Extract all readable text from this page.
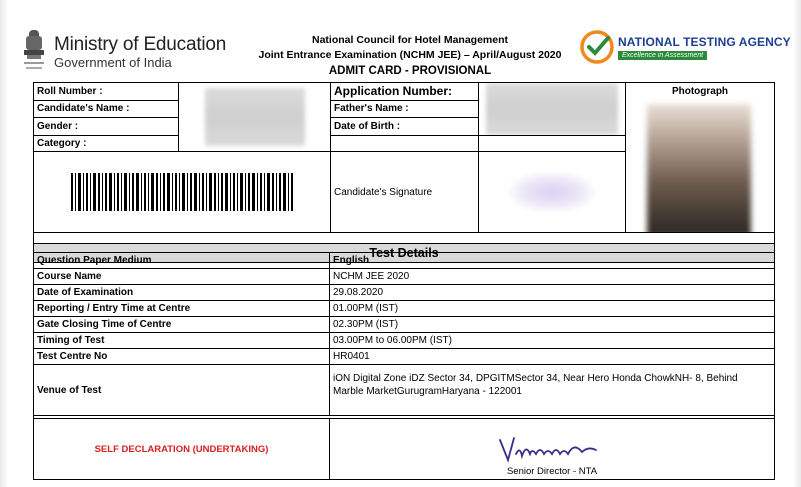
Ministry of Education
Government of India
National Council for Hotel Management
Joint Entrance Examination (NCHM JEE) – April/August 2020
ADMIT CARD - PROVISIONAL
NATIONAL TESTING AGENCY
Excellence in Assessment
Roll Number :		Application Number:		Photograph

Candidate's Name :		Father's Name :		
Gender :		Date of Birth :		
Category :				

	Candidate's Signature		

Test Details				
Question Paper Medium	English
Course Name	NCHM JEE 2020
Date of Examination	29.08.2020
Reporting / Entry Time at Centre	01.00PM (IST)
Gate Closing Time of Centre	02.30PM (IST)
Timing of Test	03.00PM to 06.00PM (IST)
Test Centre No	HR0401
Venue of Test	iON Digital Zone iDZ Sector 34, DPGITMSector 34, Near Hero Honda ChowkNH- 8, Behind
Marble MarketGurugramHaryana - 122001

SELF DECLARATION (UNDERTAKING)	Senior Director - NTA
